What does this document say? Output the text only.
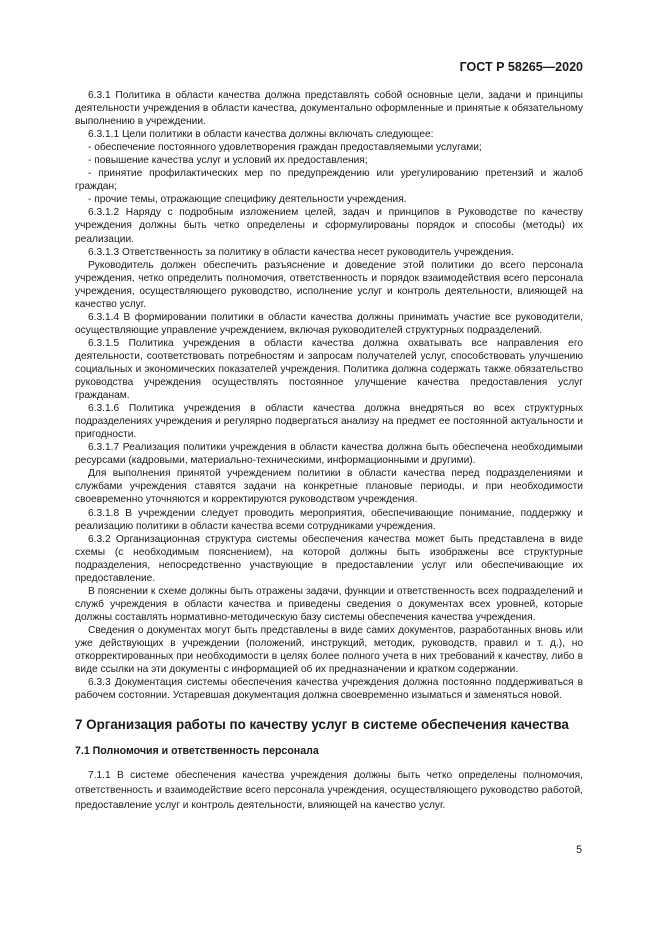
ГОСТ Р 58265—2020

6.3.1 Политика в области качества должна представлять собой основные цели, задачи и принципы деятельности учреждения в области качества, документально оформленные и принятые к обязательному выполнению в учреждении.

6.3.1.1 Цели политики в области качества должны включать следующее:

- обеспечение постоянного удовлетворения граждан предоставляемыми услугами;

- повышение качества услуг и условий их предоставления;

- принятие профилактических мер по предупреждению или урегулированию претензий и жалоб граждан;

- прочие темы, отражающие специфику деятельности учреждения.

6.3.1.2 Наряду с подробным изложением целей, задач и принципов в Руководстве по качеству учреждения должны быть четко определены и сформулированы порядок и способы (методы) их реализации.

6.3.1.3 Ответственность за политику в области качества несет руководитель учреждения.

Руководитель должен обеспечить разъяснение и доведение этой политики до всего персонала учреждения, четко определить полномочия, ответственность и порядок взаимодействия всего персонала учреждения, осуществляющего руководство, исполнение услуг и контроль деятельности, влияющей на качество услуг.

6.3.1.4 В формировании политики в области качества должны принимать участие все руководители, осуществляющие управление учреждением, включая руководителей структурных подразделений.

6.3.1.5 Политика учреждения в области качества должна охватывать все направления его деятельности, соответствовать потребностям и запросам получателей услуг, способствовать улучшению социальных и экономических показателей учреждения. Политика должна содержать также обязательство руководства учреждения осуществлять постоянное улучшение качества предоставления услуг гражданам.

6.3.1.6 Политика учреждения в области качества должна внедряться во всех структурных подразделениях учреждения и регулярно подвергаться анализу на предмет ее постоянной актуальности и пригодности.

6.3.1.7 Реализация политики учреждения в области качества должна быть обеспечена необходимыми ресурсами (кадровыми, материально-техническими, информационными и другими).

Для выполнения принятой учреждением политики в области качества перед подразделениями и службами учреждения ставятся задачи на конкретные плановые периоды, и при необходимости своевременно уточняются и корректируются руководством учреждения.

6.3.1.8 В учреждении следует проводить мероприятия, обеспечивающие понимание, поддержку и реализацию политики в области качества всеми сотрудниками учреждения.

6.3.2 Организационная структура системы обеспечения качества может быть представлена в виде схемы (с необходимым пояснением), на которой должны быть изображены все структурные подразделения, непосредственно участвующие в предоставлении услуг или обеспечивающие их предоставление.

В пояснении к схеме должны быть отражены задачи, функции и ответственность всех подразделений и служб учреждения в области качества и приведены сведения о документах всех уровней, которые должны составлять нормативно-методическую базу системы обеспечения качества учреждения.

Сведения о документах могут быть представлены в виде самих документов, разработанных вновь или уже действующих в учреждении (положений, инструкций, методик, руководств, правил и т. д.), но откорректированных при необходимости в целях более полного учета в них требований к качеству, либо в виде ссылки на эти документы с информацией об их предназначении и кратком содержании.

6.3.3 Документация системы обеспечения качества учреждения должна постоянно поддерживаться в рабочем состоянии. Устаревшая документация должна своевременно изыматься и заменяться новой.

7 Организация работы по качеству услуг в системе обеспечения качества
7.1 Полномочия и ответственность персонала

7.1.1 В системе обеспечения качества учреждения должны быть четко определены полномочия, ответственность и взаимодействие всего персонала учреждения, осуществляющего руководство работой, предоставление услуг и контроль деятельности, влияющей на качество услуг.

5
